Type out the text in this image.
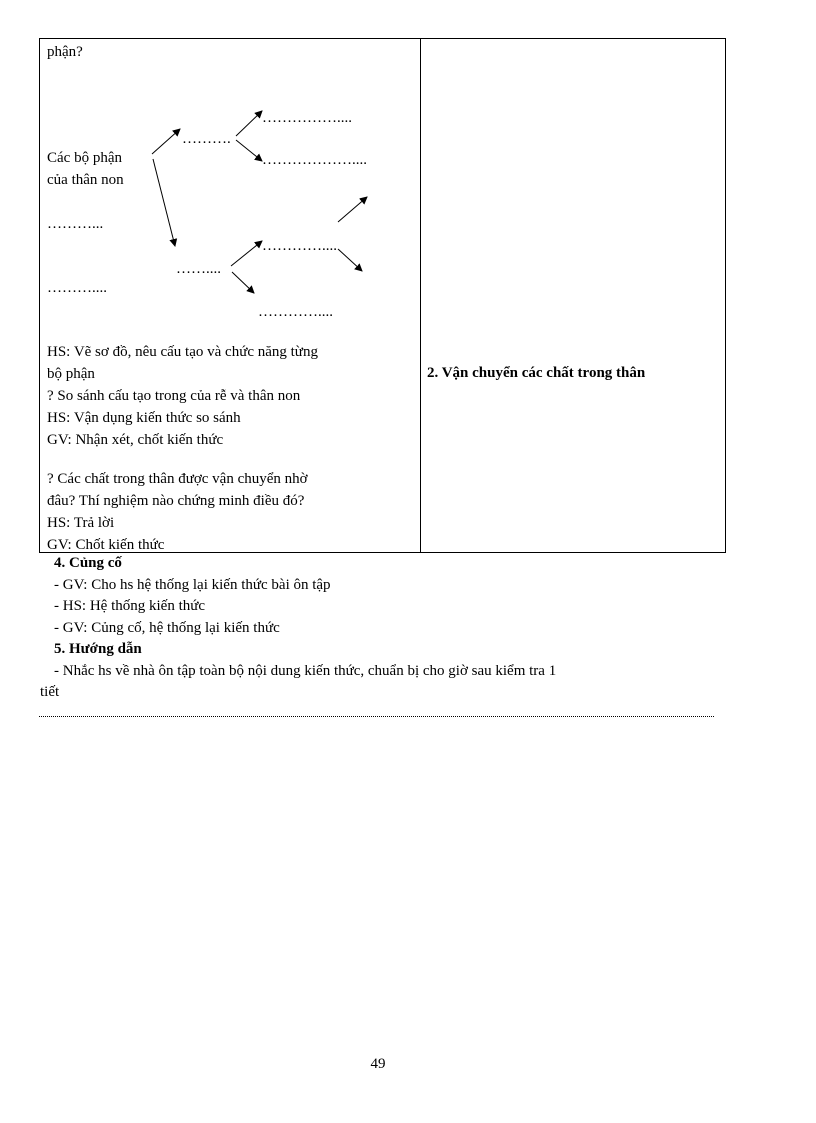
phận?
Các bộ phận
của thân non
………...
………....
……….
……………....
………………....
……....
…………....
…………....
HS: Vẽ sơ đồ, nêu cấu tạo và chức năng từng
bộ phận
? So sánh cấu tạo trong của rễ và thân non
HS: Vận dụng kiến thức so sánh
GV: Nhận xét, chốt kiến thức
? Các chất trong thân được vận chuyển nhờ
đâu? Thí nghiệm nào chứng minh điều đó?
HS: Trả lời
GV: Chốt kiến thức
2. Vận chuyển các chất trong thân
4. Củng cố
- GV: Cho hs hệ thống lại kiến thức bài ôn tập
- HS: Hệ thống kiến thức
- GV: Củng cố, hệ thống lại kiến thức
5. Hướng dẫn
- Nhắc hs về nhà ôn tập toàn bộ nội dung kiến thức, chuẩn bị cho giờ sau kiểm tra 1
tiết
49
